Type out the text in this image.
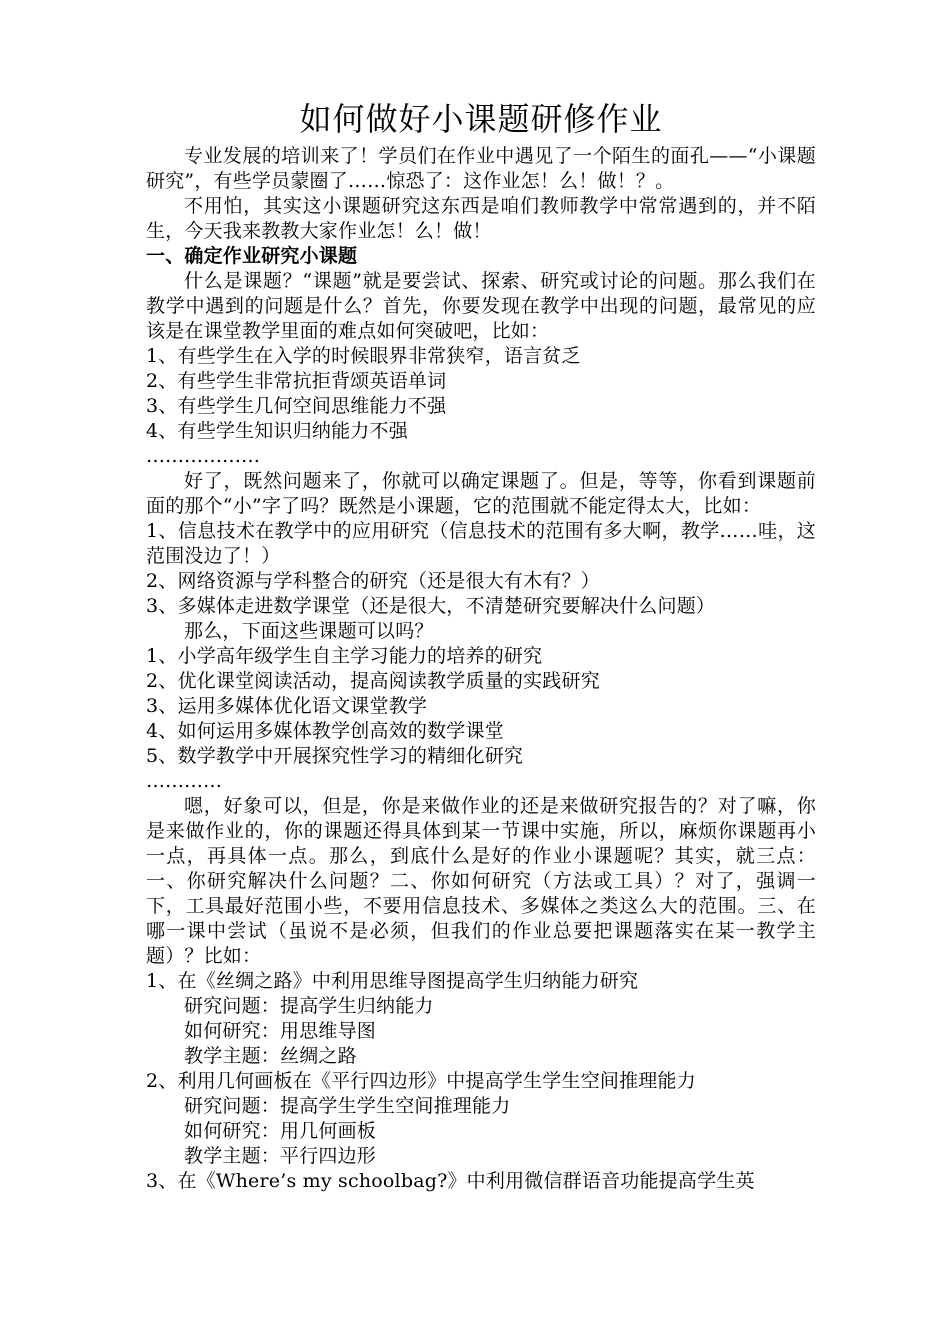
如何做好小课题研修作业

专业发展的培训来了！学员们在作业中遇见了一个陌生的面孔——“小课题研究”，有些学员蒙圈了……惊恐了：这作业怎！么！做！？。

不用怕，其实这小课题研究这东西是咱们教师教学中常常遇到的，并不陌生，今天我来教教大家作业怎！么！做！

一、确定作业研究小课题

什么是课题？“课题”就是要尝试、探索、研究或讨论的问题。那么我们在教学中遇到的问题是什么？首先，你要发现在教学中出现的问题，最常见的应该是在课堂教学里面的难点如何突破吧，比如：

1、有些学生在入学的时候眼界非常狭窄，语言贫乏

2、有些学生非常抗拒背颂英语单词

3、有些学生几何空间思维能力不强

4、有些学生知识归纳能力不强

………………

好了，既然问题来了，你就可以确定课题了。但是，等等，你看到课题前面的那个“小”字了吗？既然是小课题，它的范围就不能定得太大，比如：

1、信息技术在教学中的应用研究（信息技术的范围有多大啊，教学……哇，这范围没边了！）

2、网络资源与学科整合的研究（还是很大有木有？）

3、多媒体走进数学课堂（还是很大，不清楚研究要解决什么问题）

那么，下面这些课题可以吗？

1、小学高年级学生自主学习能力的培养的研究

2、优化课堂阅读活动，提高阅读教学质量的实践研究

3、运用多媒体优化语文课堂教学

4、如何运用多媒体教学创高效的数学课堂

5、数学教学中开展探究性学习的精细化研究

…………

嗯，好象可以，但是，你是来做作业的还是来做研究报告的？对了嘛，你是来做作业的，你的课题还得具体到某一节课中实施，所以，麻烦你课题再小一点，再具体一点。那么，到底什么是好的作业小课题呢？其实，就三点：一、你研究解决什么问题？二、你如何研究（方法或工具）？对了，强调一下，工具最好范围小些，不要用信息技术、多媒体之类这么大的范围。三、在哪一课中尝试（虽说不是必须，但我们的作业总要把课题落实在某一教学主题）？比如：

1、在《丝绸之路》中利用思维导图提高学生归纳能力研究

研究问题：提高学生归纳能力

如何研究：用思维导图

教学主题：丝绸之路

2、利用几何画板在《平行四边形》中提高学生学生空间推理能力

研究问题：提高学生学生空间推理能力

如何研究：用几何画板

教学主题：平行四边形

3、在《Where’s my schoolbag?》中利用微信群语音功能提高学生英
